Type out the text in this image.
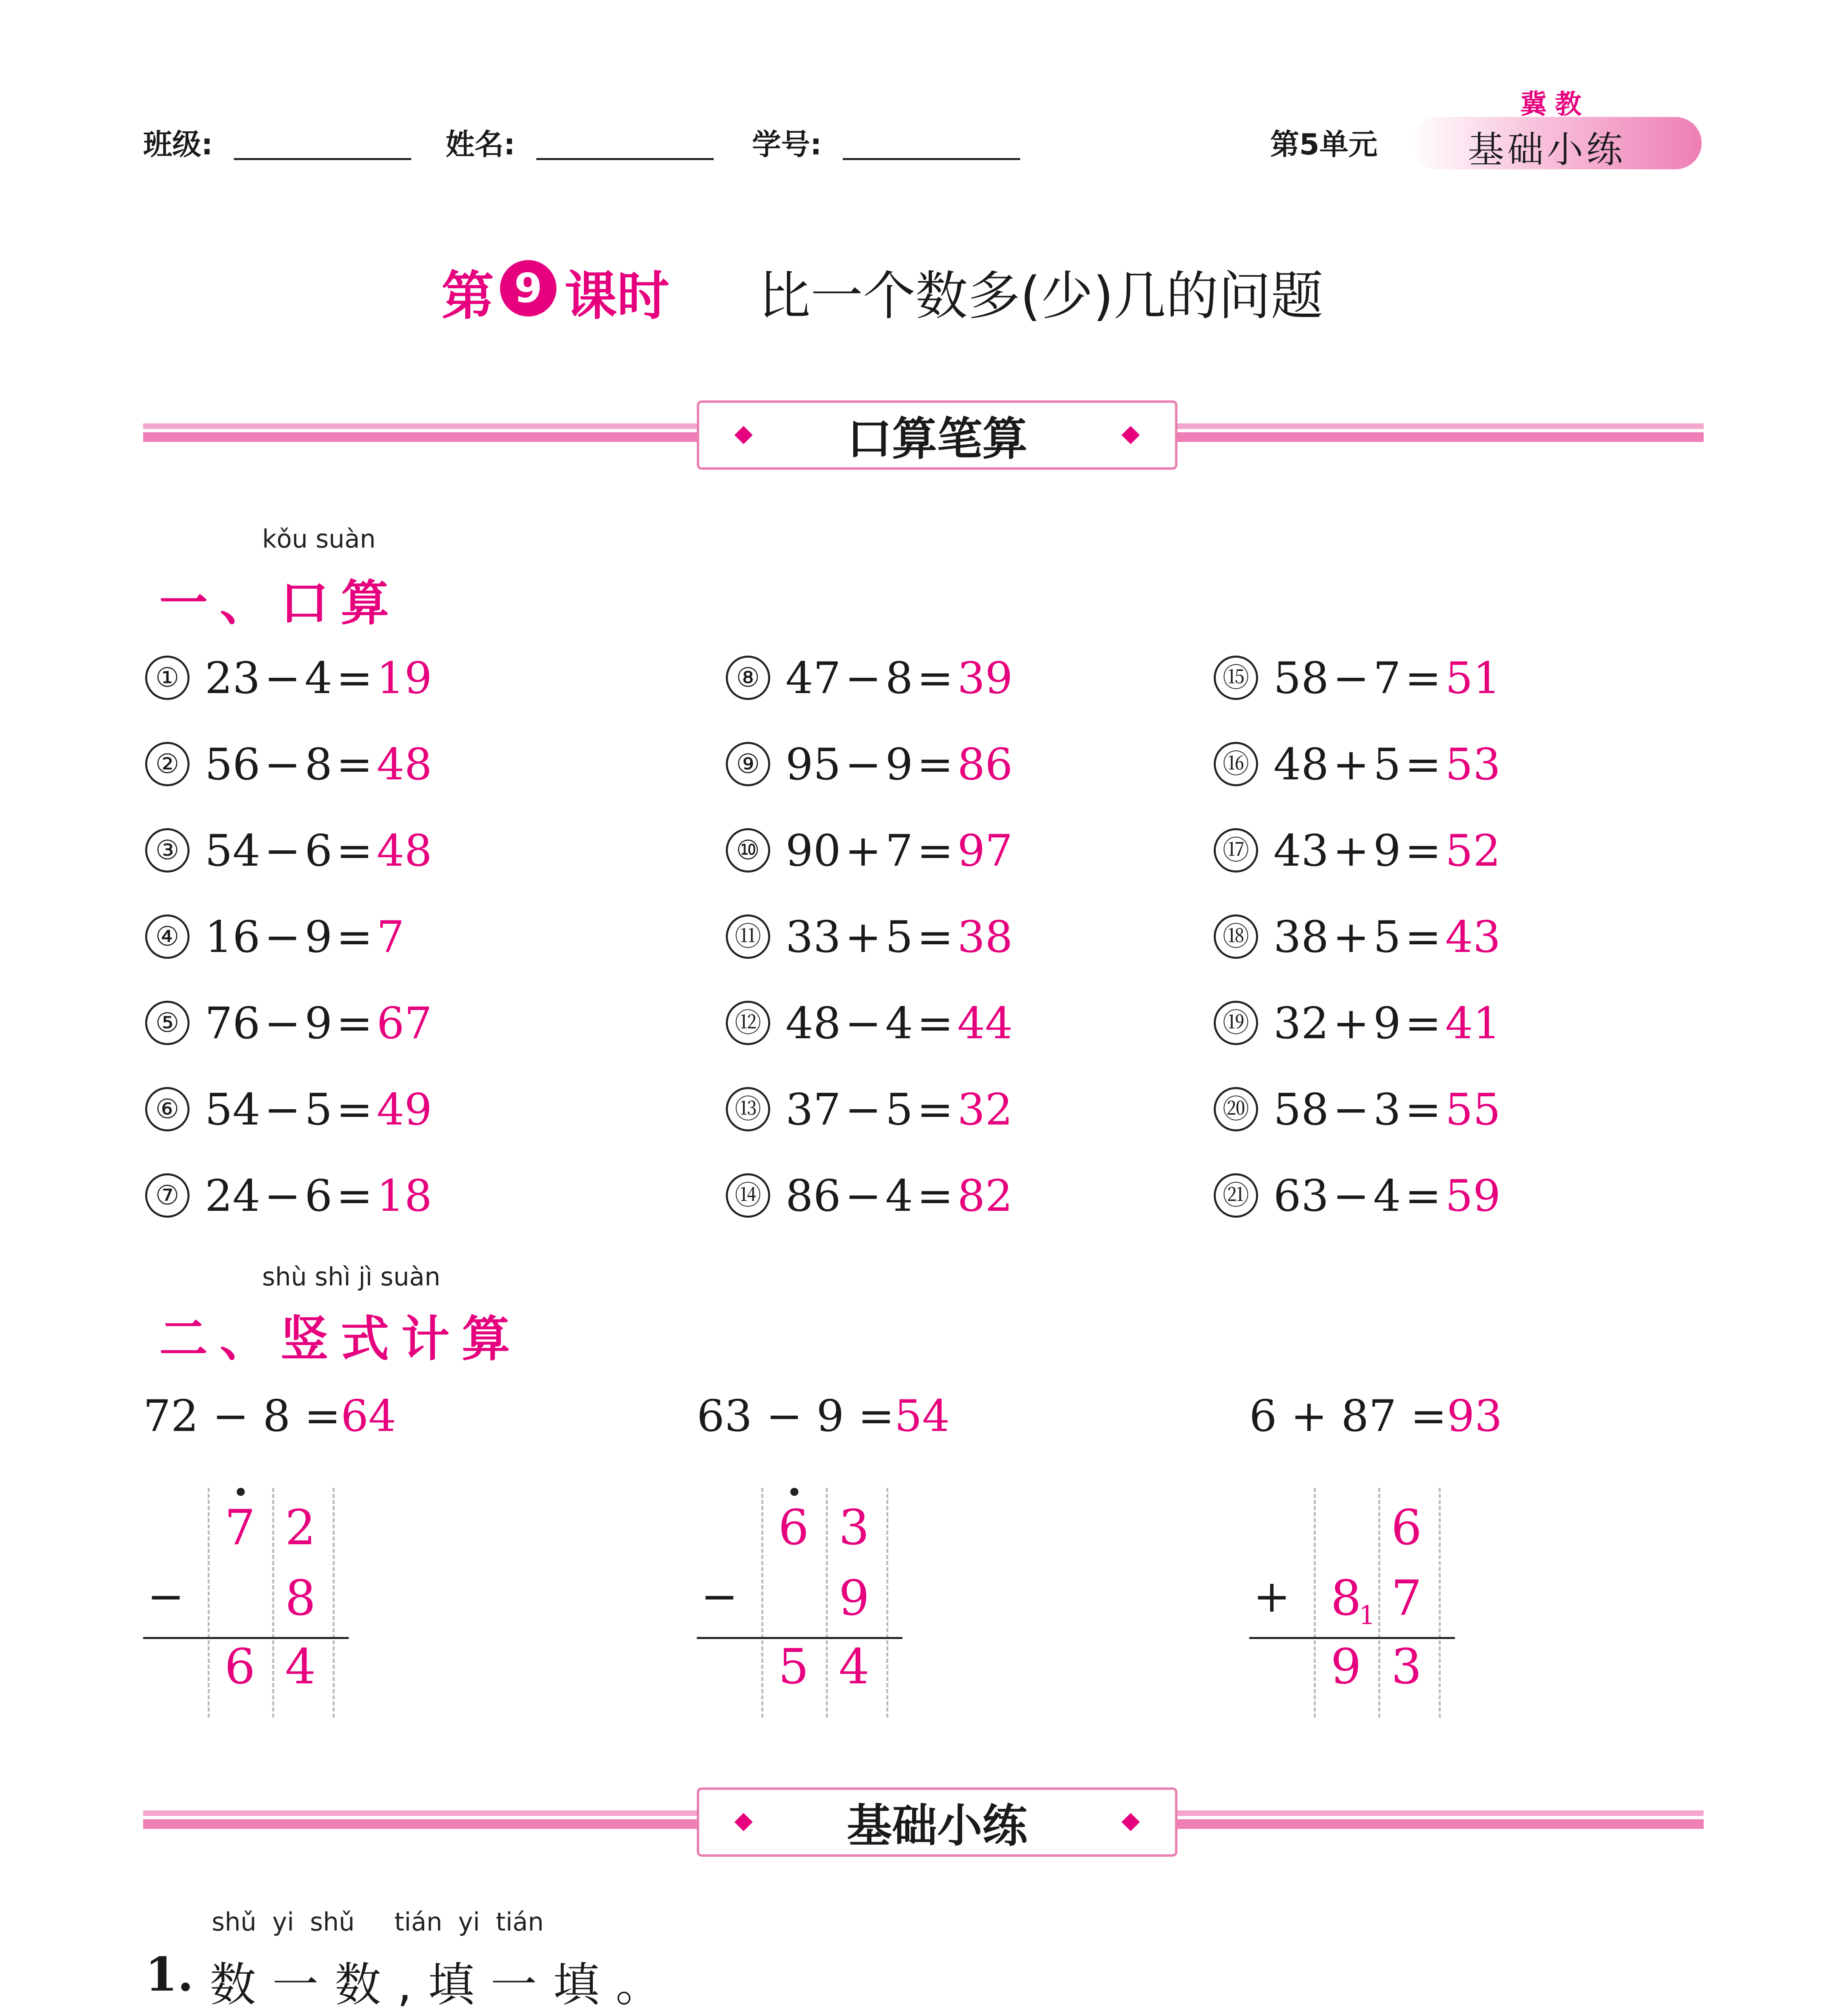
班级:	姓名:	学号:	第5单元
冀教
基础小练
第 9 课时 比一个数多(少)几的问题
口算笔算
kǒu suàn
一、口算
① 23−4=19
② 56−8=48
③ 54−6=48
④ 16−9=7
⑤ 76−9=67
⑥ 54−5=49
⑦ 24−6=18
⑧ 47−8=39
⑨ 95−9=86
⑩ 90+7=97
⑪ 33+5=38
⑫ 48−4=44
⑬ 37−5=32
⑭ 86−4=82
⑮ 58−7=51
⑯ 48+5=53
⑰ 43+9=52
⑱ 38+5=43
⑲ 32+9=41
⑳ 58−3=55
㉑ 63−4=59
shù shì jì suàn
二、竖式计算
72 − 8 =64
7 2
− 8
6 4
63 − 9 =54
6 3
− 9
5 4
6 + 87 =93
6
+ 8 7
1
9 3
基础小练
shǔ  yi  shǔ     tián  yi  tián
1. 数一数,填一填。
